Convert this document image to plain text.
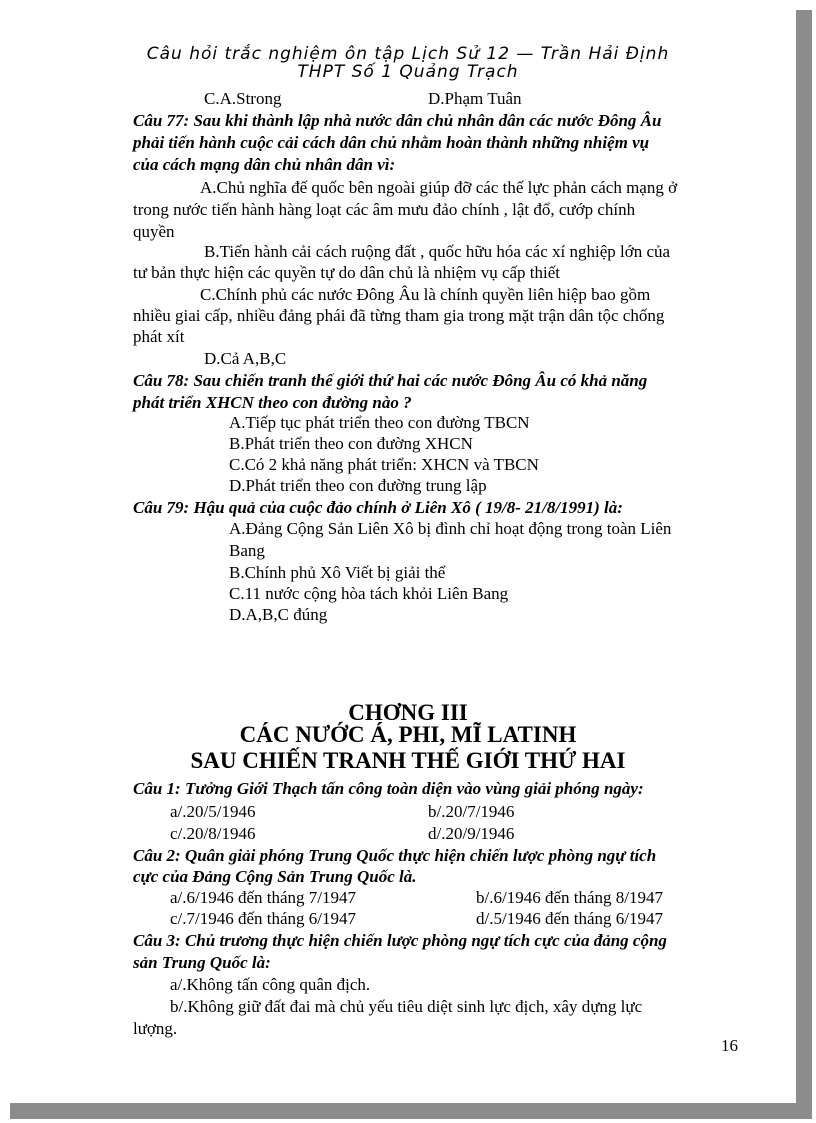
Câu hỏi trắc nghiệm ôn tập Lịch Sử 12 — Trần Hải Định
THPT Số 1 Quảng Trạch
C.A.Strong	D.Phạm Tuân
Câu 77: Sau khi thành lập nhà nước dân chủ nhân dân các nước Đông Âu
phải tiến hành cuộc cải cách dân chủ nhằm hoàn thành những nhiệm vụ
của cách mạng dân chủ nhân dân vì:
A.Chủ nghĩa đế quốc bên ngoài giúp đỡ các thế lực phản cách mạng ở
trong nước tiến hành hàng loạt các âm mưu đảo chính , lật đổ, cướp chính
quyền
B.Tiến hành cải cách ruộng đất , quốc hữu hóa các xí nghiệp lớn của
tư bản thực hiện các quyền tự do dân chủ là nhiệm vụ cấp thiết
C.Chính phủ các nước Đông Âu là chính quyền liên hiệp bao gồm
nhiều giai cấp, nhiều đảng phái đã từng tham gia trong mặt trận dân tộc chống
phát xít
D.Cả A,B,C
Câu 78: Sau chiến tranh thế giới thứ hai các nước Đông Âu có khả năng
phát triển XHCN theo con đường nào ?
A.Tiếp tục phát triển theo con đường TBCN
B.Phát triển theo con đường XHCN
C.Có 2 khả năng phát triển: XHCN và TBCN
D.Phát triển theo con đường trung lập
Câu 79: Hậu quả của cuộc đảo chính ở Liên Xô ( 19/8- 21/8/1991) là:
A.Đảng Cộng Sản Liên Xô bị đình chỉ hoạt động trong toàn Liên
Bang
B.Chính phủ Xô Viết bị giải thể
C.11 nước cộng hòa tách khỏi Liên Bang
D.A,B,C đúng
CHƠNG III
CÁC NƯỚC Á, PHI, MĨ LATINH
SAU CHIẾN TRANH THẾ GIỚI THỨ HAI
Câu 1: Tưởng Giới Thạch tấn công toàn diện vào vùng giải phóng ngày:
a/.20/5/1946	b/.20/7/1946
c/.20/8/1946	d/.20/9/1946
Câu 2: Quân giải phóng Trung Quốc thực hiện chiến lược phòng ngự tích
cực của Đảng Cộng Sản Trung Quốc là.
a/.6/1946 đến tháng 7/1947	b/.6/1946 đến tháng 8/1947
c/.7/1946 đến tháng 6/1947	d/.5/1946 đến tháng 6/1947
Câu 3: Chủ trương thực hiện chiến lược phòng ngự tích cực của đảng cộng
sản Trung Quốc là:
a/.Không tấn công quân địch.
b/.Không giữ đất đai mà chủ yếu tiêu diệt sinh lực địch, xây dựng lực
lượng.
16
